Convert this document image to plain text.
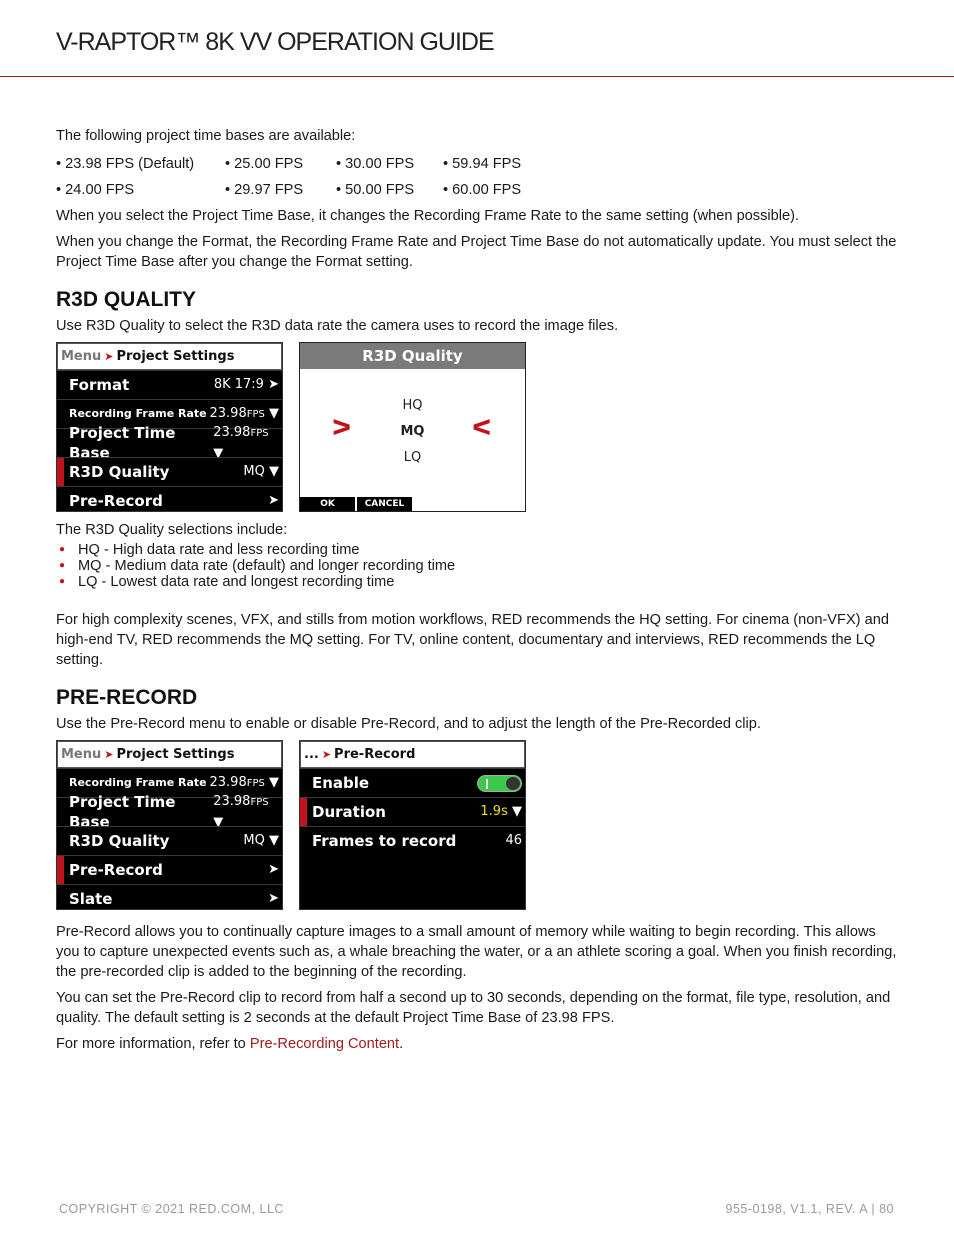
V-RAPTOR™ 8K VV OPERATION GUIDE

The following project time bases are available:

• 23.98 FPS (Default)	• 25.00 FPS	• 30.00 FPS	• 59.94 FPS
• 24.00 FPS	• 29.97 FPS	• 50.00 FPS	• 60.00 FPS

When you select the Project Time Base, it changes the Recording Frame Rate to the same setting (when possible).

When you change the Format, the Recording Frame Rate and Project Time Base do not automatically update. You must select the Project Time Base after you change the Format setting.

R3D QUALITY

Use R3D Quality to select the R3D data rate the camera uses to record the image files.

Menu ➤ Project Settings
Format	8K 17:9 ➤
Recording Frame Rate 23.98FPS ▼
Project Time Base
23.98FPS ▼
R3D Quality	MQ ▼
Pre-Record	➤
R3D Quality
HQ
MQ
LQ
ᐳ	ᐸ
OK	CANCEL

The R3D Quality selections include:

● HQ - High data rate and less recording time
● MQ - Medium data rate (default) and longer recording time
● LQ - Lowest data rate and longest recording time

For high complexity scenes, VFX, and stills from motion workflows, RED recommends the HQ setting. For cinema (non-VFX) and high-end TV, RED recommends the MQ setting. For TV, online content, documentary and interviews, RED recommends the LQ setting.

PRE-RECORD

Use the Pre-Record menu to enable or disable Pre-Record, and to adjust the length of the Pre-Recorded clip.

Menu ➤ Project Settings
Recording Frame Rate 23.98FPS ▼
Project Time Base
23.98FPS ▼
R3D Quality	MQ ▼
Pre-Record	➤
Slate	➤
... ➤ Pre-Record
Enable
Duration	1.9s ▼
Frames to record	46

Pre-Record allows you to continually capture images to a small amount of memory while waiting to begin recording. This allows you to capture unexpected events such as, a whale breaching the water, or a an athlete scoring a goal. When you finish recording, the pre-recorded clip is added to the beginning of the recording.

You can set the Pre-Record clip to record from half a second up to 30 seconds, depending on the format, file type, resolution, and quality. The default setting is 2 seconds at the default Project Time Base of 23.98 FPS.

For more information, refer to Pre-Recording Content.

COPYRIGHT © 2021 RED.COM, LLC	955-0198, V1.1, REV. A | 80
